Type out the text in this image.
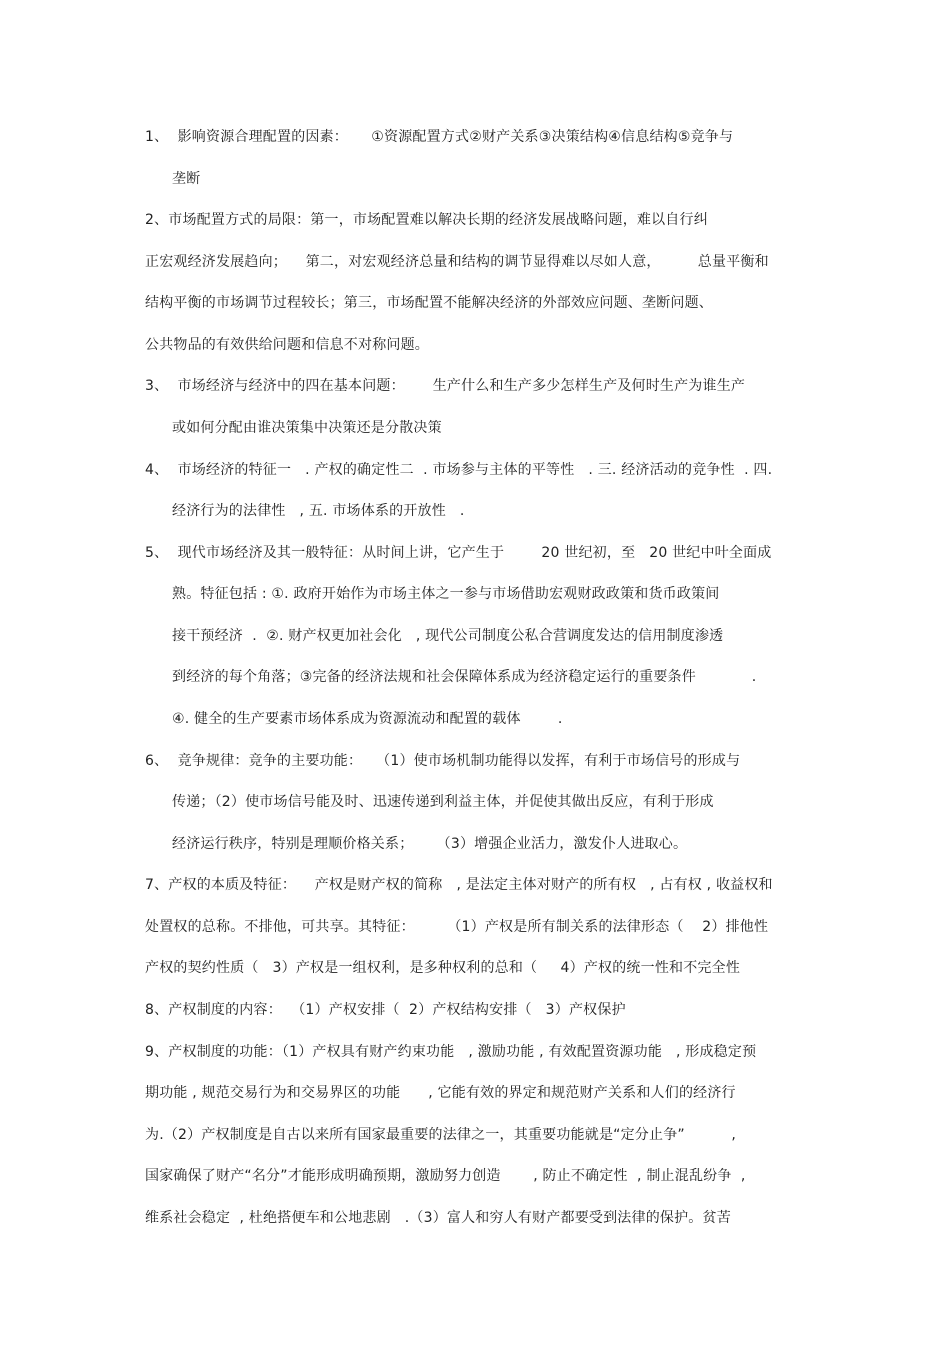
1、  影响资源合理配置的因素：     ①资源配置方式②财产关系③决策结构④信息结构⑤竞争与
垄断
2、市场配置方式的局限：第一，市场配置难以解决长期的经济发展战略问题，难以自行纠
正宏观经济发展趋向；    第二，对宏观经济总量和结构的调节显得难以尽如人意，        总量平衡和
结构平衡的市场调节过程较长；第三，市场配置不能解决经济的外部效应问题、垄断问题、
公共物品的有效供给问题和信息不对称问题。
3、  市场经济与经济中的四在基本问题：      生产什么和生产多少怎样生产及何时生产为谁生产
或如何分配由谁决策集中决策还是分散决策
4、  市场经济的特征一   . 产权的确定性二  . 市场参与主体的平等性   . 三. 经济活动的竞争性  . 四.
经济行为的法律性   , 五. 市场体系的开放性   .
5、  现代市场经济及其一般特征：从时间上讲，它产生于        20 世纪初，至   20 世纪中叶全面成
熟。特征包括 : ①. 政府开始作为市场主体之一参与市场借助宏观财政政策和货币政策间
接干预经济  .  ②. 财产权更加社会化   , 现代公司制度公私合营调度发达的信用制度渗透
到经济的每个角落；③完备的经济法规和社会保障体系成为经济稳定运行的重要条件            .
④. 健全的生产要素市场体系成为资源流动和配置的载体        .
6、  竞争规律：竞争的主要功能：   （1）使市场机制功能得以发挥，有利于市场信号的形成与
传递；（2）使市场信号能及时、迅速传递到利益主体，并促使其做出反应，有利于形成
经济运行秩序，特别是理顺价格关系；     （3）增强企业活力，激发仆人进取心。
7、产权的本质及特征：    产权是财产权的简称   , 是法定主体对财产的所有权   , 占有权 , 收益权和
处置权的总称。不排他，可共享。其特征：       （1）产权是所有制关系的法律形态（    2）排他性
产权的契约性质（   3）产权是一组权利，是多种权利的总和（     4）产权的统一性和不完全性
8、产权制度的内容：  （1）产权安排（  2）产权结构安排（   3）产权保护
9、产权制度的功能：（1）产权具有财产约束功能   , 激励功能 , 有效配置资源功能   , 形成稳定预
期功能 , 规范交易行为和交易界区的功能      , 它能有效的界定和规范财产关系和人们的经济行
为.（2）产权制度是自古以来所有国家最重要的法律之一，其重要功能就是“定分止争”          ,
国家确保了财产“名分”才能形成明确预期，激励努力创造       , 防止不确定性  , 制止混乱纷争  ,
维系社会稳定  , 杜绝搭便车和公地悲剧   .（3）富人和穷人有财产都要受到法律的保护。贫苦
